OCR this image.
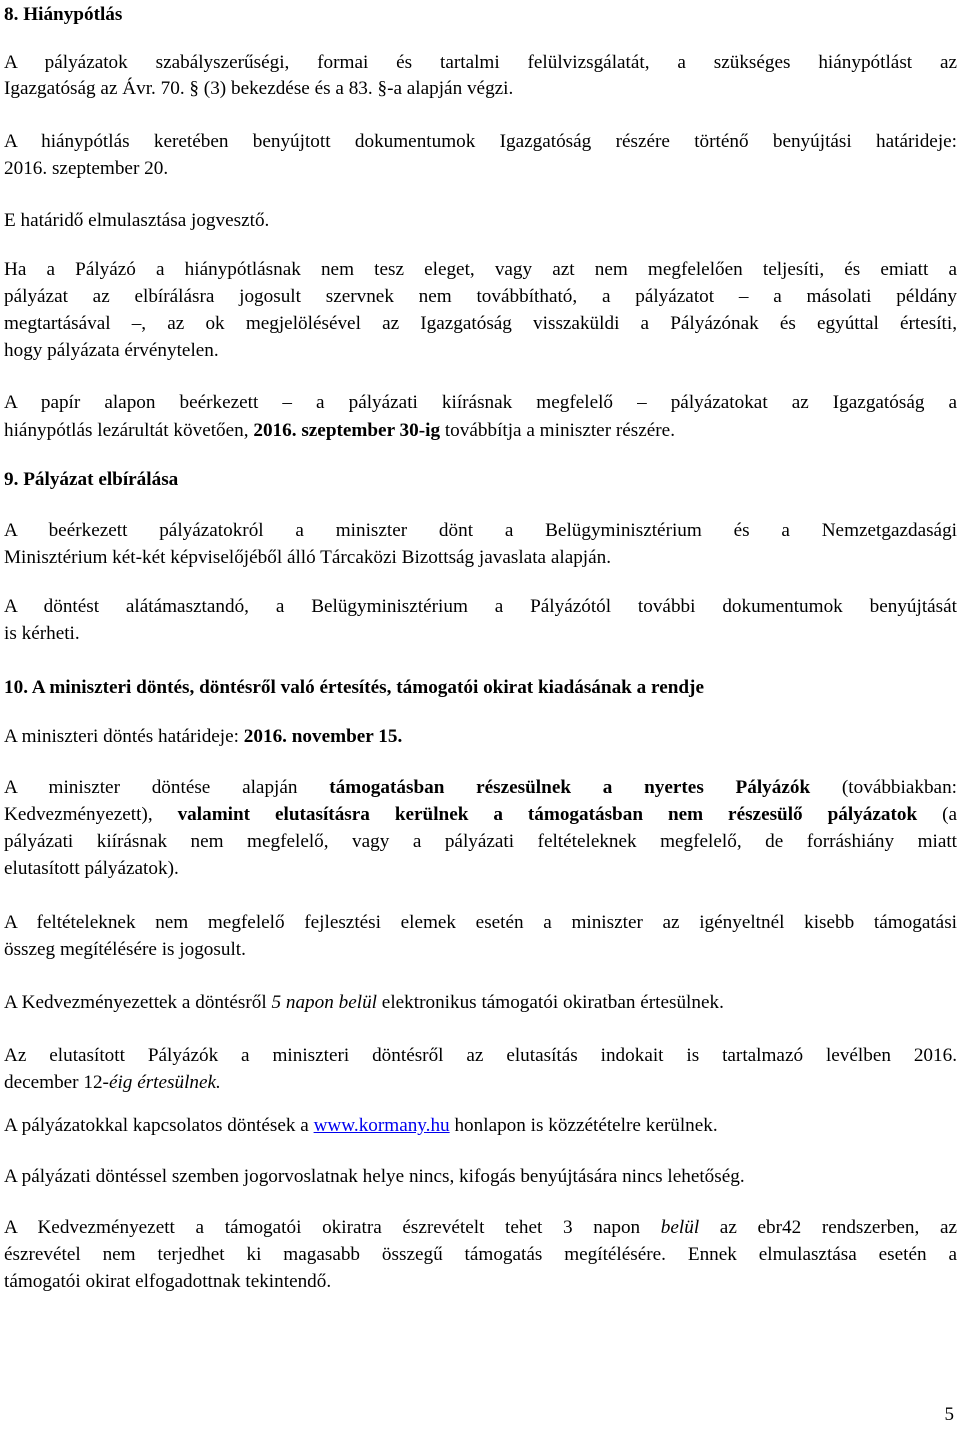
8. Hiánypótlás
A pályázatok szabályszerűségi, formai és tartalmi felülvizsgálatát, a szükséges hiánypótlást az
Igazgatóság az Ávr. 70. § (3) bekezdése és a 83. §-a alapján végzi.
A hiánypótlás keretében benyújtott dokumentumok Igazgatóság részére történő benyújtási határideje:
2016. szeptember 20.
E határidő elmulasztása jogvesztő.
Ha a Pályázó a hiánypótlásnak nem tesz eleget, vagy azt nem megfelelően teljesíti, és emiatt a
pályázat az elbírálásra jogosult szervnek nem továbbítható, a pályázatot – a másolati példány
megtartásával –, az ok megjelölésével az Igazgatóság visszaküldi a Pályázónak és egyúttal értesíti,
hogy pályázata érvénytelen.
A papír alapon beérkezett – a pályázati kiírásnak megfelelő – pályázatokat az Igazgatóság a
hiánypótlás lezárultát követően, 2016. szeptember 30-ig továbbítja a miniszter részére.
9. Pályázat elbírálása
A beérkezett pályázatokról a miniszter dönt a Belügyminisztérium és a Nemzetgazdasági
Minisztérium két-két képviselőjéből álló Tárcaközi Bizottság javaslata alapján.
A döntést alátámasztandó, a Belügyminisztérium a Pályázótól további dokumentumok benyújtását
is kérheti.
10. A miniszteri döntés, döntésről való értesítés, támogatói okirat kiadásának a rendje
A miniszteri döntés határideje: 2016. november 15.
A miniszter döntése alapján támogatásban részesülnek a nyertes Pályázók (továbbiakban:
Kedvezményezett), valamint elutasításra kerülnek a támogatásban nem részesülő pályázatok (a
pályázati kiírásnak nem megfelelő, vagy a pályázati feltételeknek megfelelő, de forráshiány miatt
elutasított pályázatok).
A feltételeknek nem megfelelő fejlesztési elemek esetén a miniszter az igényeltnél kisebb támogatási
összeg megítélésére is jogosult.
A Kedvezményezettek a döntésről 5 napon belül elektronikus támogatói okiratban értesülnek.
Az elutasított Pályázók a miniszteri döntésről az elutasítás indokait is tartalmazó levélben 2016.
december 12-éig értesülnek.
A pályázatokkal kapcsolatos döntések a www.kormany.hu honlapon is közzétételre kerülnek.
A pályázati döntéssel szemben jogorvoslatnak helye nincs, kifogás benyújtására nincs lehetőség.
A Kedvezményezett a támogatói okiratra észrevételt tehet 3 napon belül az ebr42 rendszerben, az
észrevétel nem terjedhet ki magasabb összegű támogatás megítélésére. Ennek elmulasztása esetén a
támogatói okirat elfogadottnak tekintendő.
5
